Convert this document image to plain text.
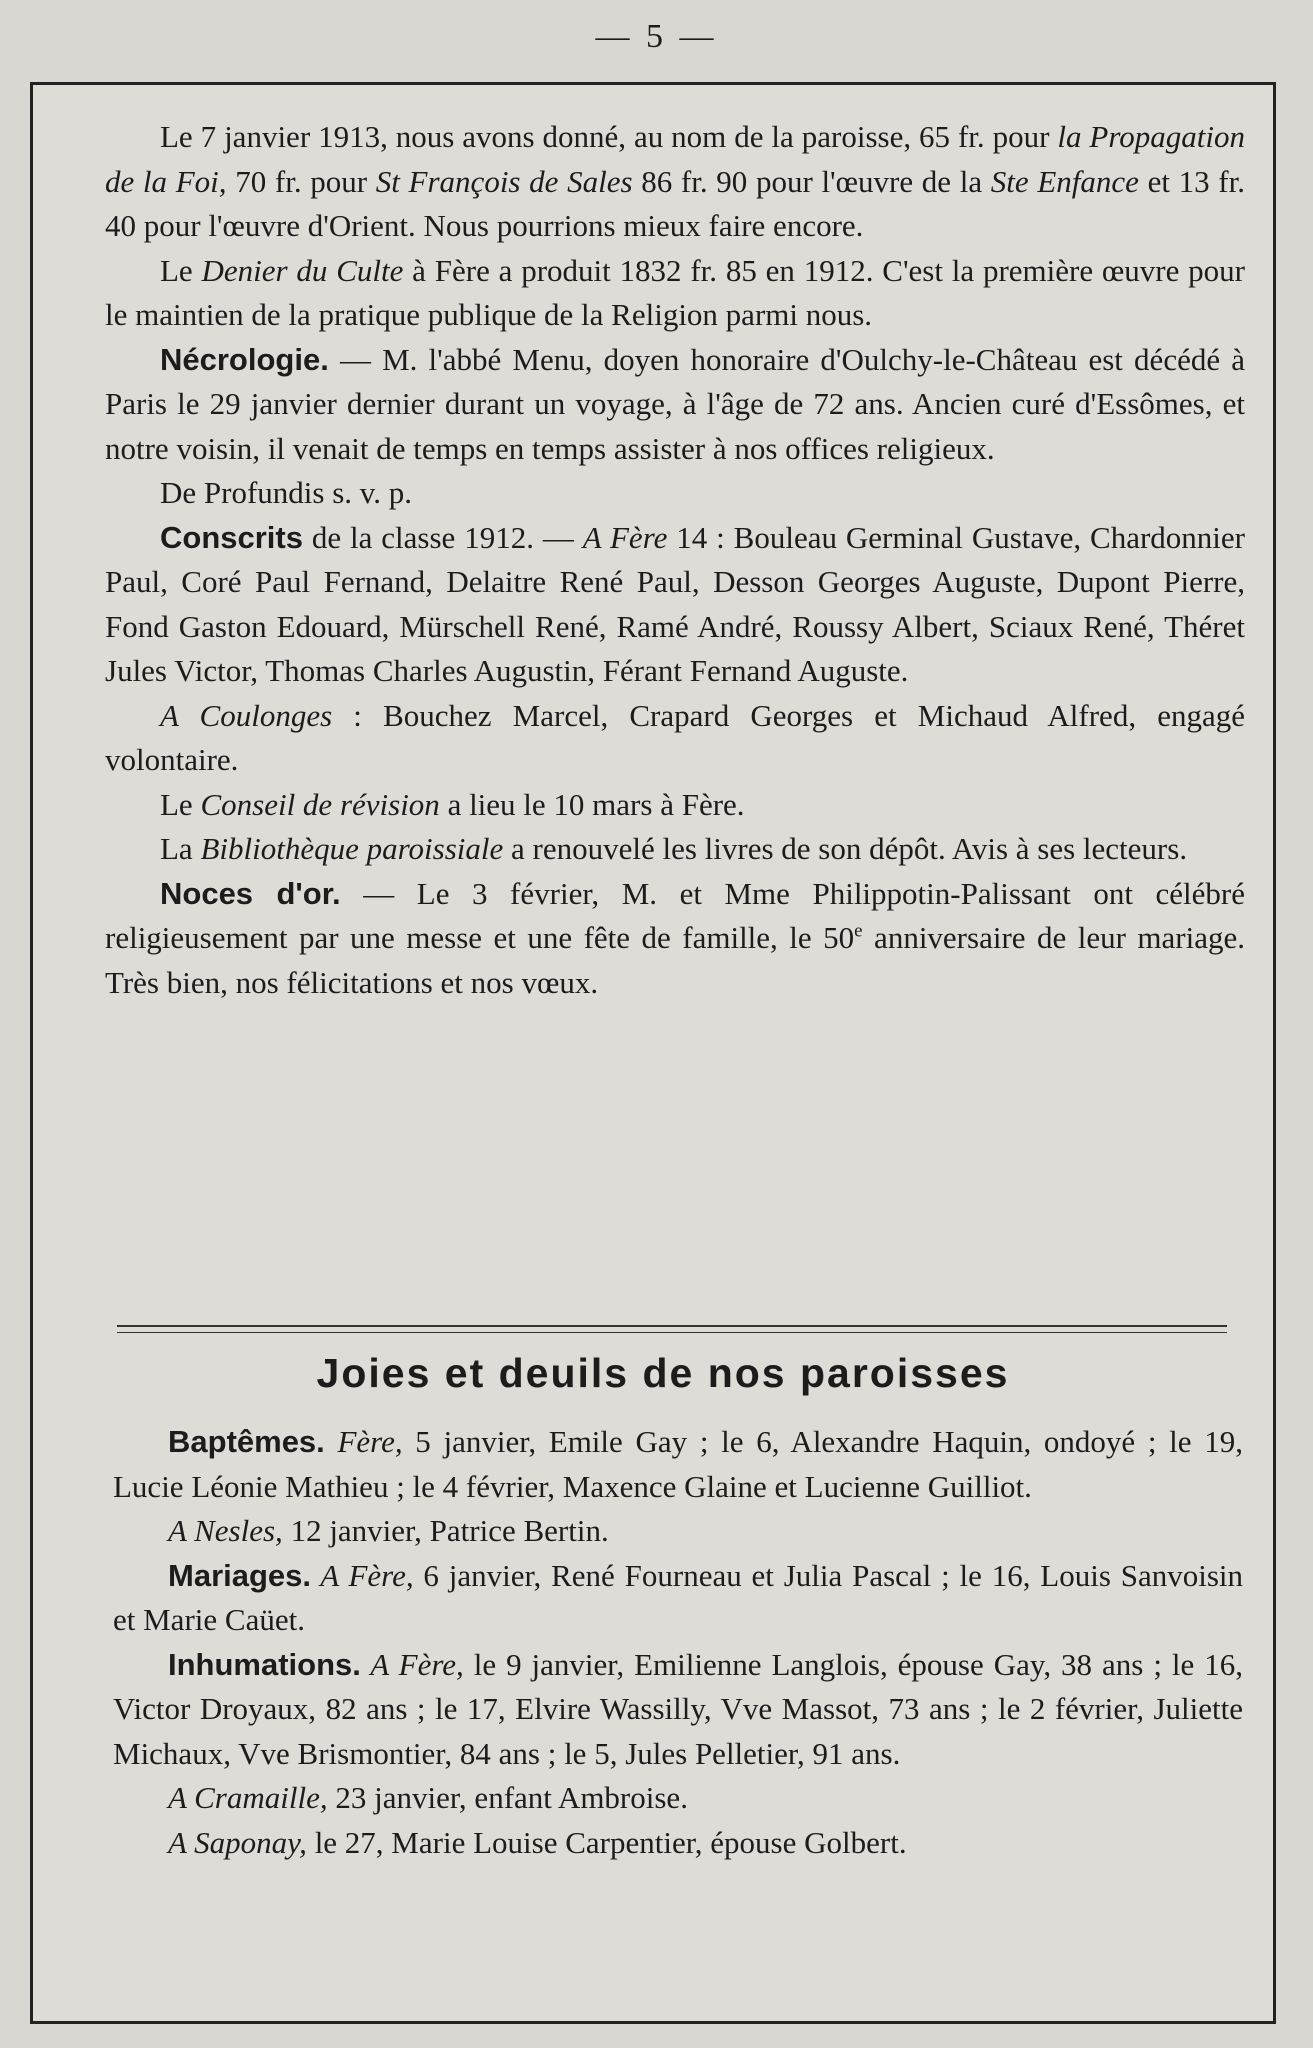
— 5 —

Le 7 janvier 1913, nous avons donné, au nom de la paroisse, 65 fr. pour la Propagation de la Foi, 70 fr. pour St François de Sales 86 fr. 90 pour l'œuvre de la Ste Enfance et 13 fr. 40 pour l'œuvre d'Orient. Nous pourrions mieux faire encore.

Le Denier du Culte à Fère a produit 1832 fr. 85 en 1912. C'est la première œuvre pour le maintien de la pratique publique de la Religion parmi nous.

Nécrologie. — M. l'abbé Menu, doyen honoraire d'Oulchy-le-Château est décédé à Paris le 29 janvier dernier durant un voyage, à l'âge de 72 ans. Ancien curé d'Essômes, et notre voisin, il venait de temps en temps assister à nos offices religieux.

De Profundis s. v. p.

Conscrits de la classe 1912. — A Fère 14 : Bouleau Germinal Gustave, Chardonnier Paul, Coré Paul Fernand, Delaitre René Paul, Desson Georges Auguste, Dupont Pierre, Fond Gaston Edouard, Mürschell René, Ramé André, Roussy Albert, Sciaux René, Théret Jules Victor, Thomas Charles Augustin, Férant Fernand Auguste.

A Coulonges : Bouchez Marcel, Crapard Georges et Michaud Alfred, engagé volontaire.

Le Conseil de révision a lieu le 10 mars à Fère.

La Bibliothèque paroissiale a renouvelé les livres de son dépôt. Avis à ses lecteurs.

Noces d'or. — Le 3 février, M. et Mme Philippotin-Palissant ont célébré religieusement par une messe et une fête de famille, le 50e anniversaire de leur mariage. Très bien, nos félicitations et nos vœux.

Joies et deuils de nos paroisses

Baptêmes. Fère, 5 janvier, Emile Gay ; le 6, Alexandre Haquin, ondoyé ; le 19, Lucie Léonie Mathieu ; le 4 février, Maxence Glaine et Lucienne Guilliot.

A Nesles, 12 janvier, Patrice Bertin.

Mariages. A Fère, 6 janvier, René Fourneau et Julia Pascal ; le 16, Louis Sanvoisin et Marie Caüet.

Inhumations. A Fère, le 9 janvier, Emilienne Langlois, épouse Gay, 38 ans ; le 16, Victor Droyaux, 82 ans ; le 17, Elvire Wassilly, Vve Massot, 73 ans ; le 2 février, Juliette Michaux, Vve Brismontier, 84 ans ; le 5, Jules Pelletier, 91 ans.

A Cramaille, 23 janvier, enfant Ambroise.

A Saponay, le 27, Marie Louise Carpentier, épouse Golbert.
